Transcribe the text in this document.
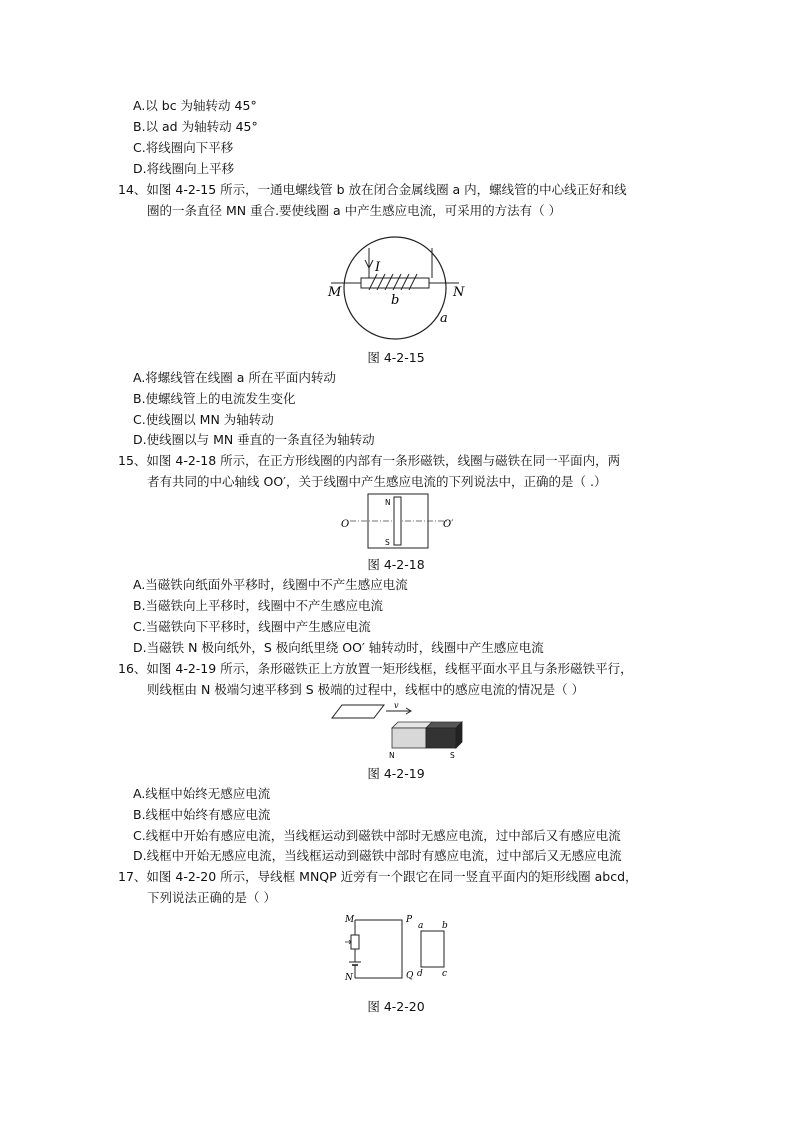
A.以 bc 为轴转动 45°
B.以 ad 为轴转动 45°
C.将线圈向下平移
D.将线圈向上平移
14、如图 4-2-15 所示，一通电螺线管 b 放在闭合金属线圈 a 内，螺线管的中心线正好和线
圈的一条直径 MN 重合.要使线圈 a 中产生感应电流，可采用的方法有（ ）
I
M	N
b
a
图 4-2-15
A.将螺线管在线圈 a 所在平面内转动
B.使螺线管上的电流发生变化
C.使线圈以 MN 为轴转动
D.使线圈以与 MN 垂直的一条直径为轴转动
15、如图 4-2-18 所示，在正方形线圈的内部有一条形磁铁，线圈与磁铁在同一平面内，两
者有共同的中心轴线 OO′，关于线圈中产生感应电流的下列说法中，正确的是（ .）
N
S
O	O′
图 4-2-18
A.当磁铁向纸面外平移时，线圈中不产生感应电流
B.当磁铁向上平移时，线圈中不产生感应电流
C.当磁铁向下平移时，线圈中产生感应电流
D.当磁铁 N 极向纸外，S 极向纸里绕 OO′ 轴转动时，线圈中产生感应电流
16、如图 4-2-19 所示，条形磁铁正上方放置一矩形线框，线框平面水平且与条形磁铁平行，
则线框由 N 极端匀速平移到 S 极端的过程中，线框中的感应电流的情况是（ ）
v
N	S
图 4-2-19
A.线框中始终无感应电流
B.线框中始终有感应电流
C.线框中开始有感应电流，当线框运动到磁铁中部时无感应电流，过中部后又有感应电流
D.线框中开始无感应电流，当线框运动到磁铁中部时有感应电流，过中部后又无感应电流
17、如图 4-2-20 所示，导线框 MNQP 近旁有一个跟它在同一竖直平面内的矩形线圈 abcd，
下列说法正确的是（ ）
M
N
P
Q
a b
c
d
图 4-2-20
